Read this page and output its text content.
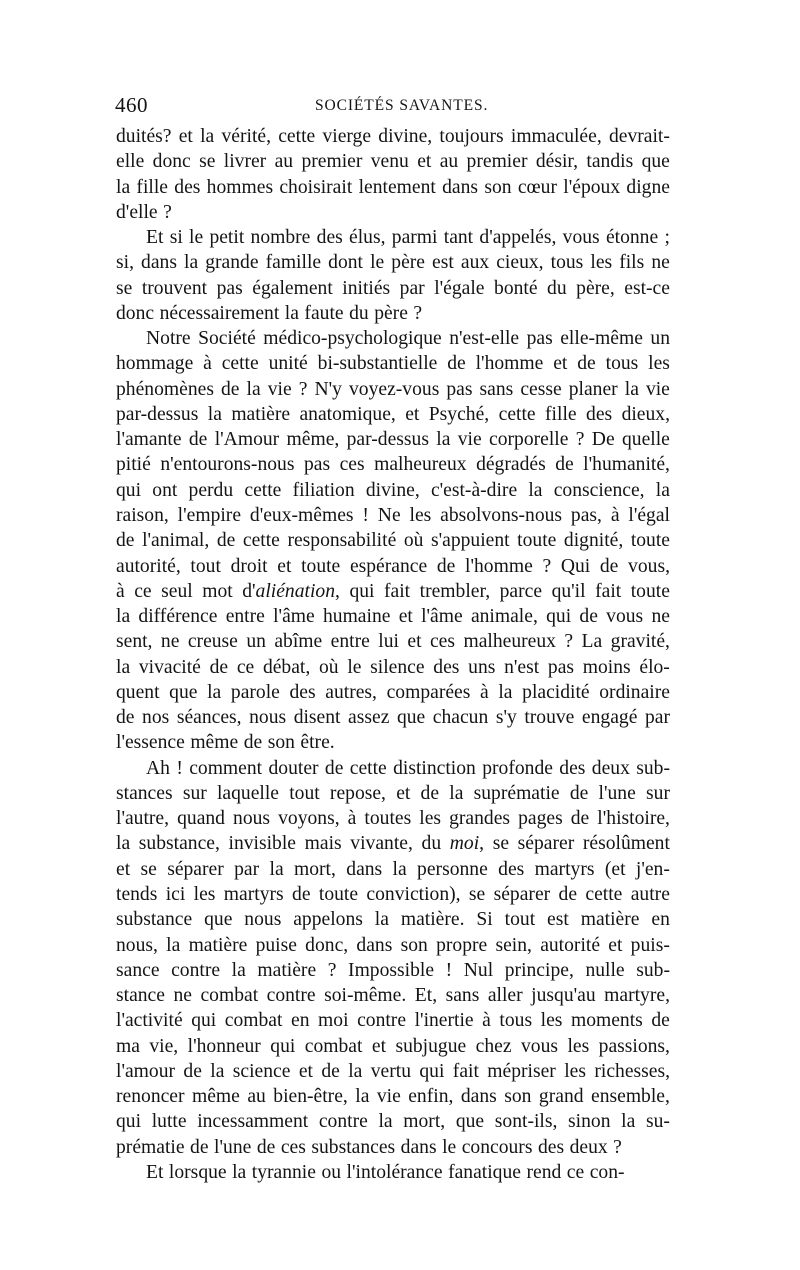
460	SOCIÉTÉS SAVANTES.
duités? et la vérité, cette vierge divine, toujours immaculée, devrait-
elle donc se livrer au premier venu et au premier désir, tandis que
la fille des hommes choisirait lentement dans son cœur l'époux digne
d'elle ?
Et si le petit nombre des élus, parmi tant d'appelés, vous étonne ;
si, dans la grande famille dont le père est aux cieux, tous les fils ne
se trouvent pas également initiés par l'égale bonté du père, est-ce
donc nécessairement la faute du père ?
Notre Société médico-psychologique n'est-elle pas elle-même un
hommage à cette unité bi-substantielle de l'homme et de tous les
phénomènes de la vie ? N'y voyez-vous pas sans cesse planer la vie
par-dessus la matière anatomique, et Psyché, cette fille des dieux,
l'amante de l'Amour même, par-dessus la vie corporelle ? De quelle
pitié n'entourons-nous pas ces malheureux dégradés de l'humanité,
qui ont perdu cette filiation divine, c'est-à-dire la conscience, la
raison, l'empire d'eux-mêmes ! Ne les absolvons-nous pas, à l'égal
de l'animal, de cette responsabilité où s'appuient toute dignité, toute
autorité, tout droit et toute espérance de l'homme ? Qui de vous,
à ce seul mot d'aliénation, qui fait trembler, parce qu'il fait toute
la différence entre l'âme humaine et l'âme animale, qui de vous ne
sent, ne creuse un abîme entre lui et ces malheureux ? La gravité,
la vivacité de ce débat, où le silence des uns n'est pas moins élo-
quent que la parole des autres, comparées à la placidité ordinaire
de nos séances, nous disent assez que chacun s'y trouve engagé par
l'essence même de son être.
Ah ! comment douter de cette distinction profonde des deux sub-
stances sur laquelle tout repose, et de la suprématie de l'une sur
l'autre, quand nous voyons, à toutes les grandes pages de l'histoire,
la substance, invisible mais vivante, du moi, se séparer résolûment
et se séparer par la mort, dans la personne des martyrs (et j'en-
tends ici les martyrs de toute conviction), se séparer de cette autre
substance que nous appelons la matière. Si tout est matière en
nous, la matière puise donc, dans son propre sein, autorité et puis-
sance contre la matière ? Impossible ! Nul principe, nulle sub-
stance ne combat contre soi-même. Et, sans aller jusqu'au martyre,
l'activité qui combat en moi contre l'inertie à tous les moments de
ma vie, l'honneur qui combat et subjugue chez vous les passions,
l'amour de la science et de la vertu qui fait mépriser les richesses,
renoncer même au bien-être, la vie enfin, dans son grand ensemble,
qui lutte incessamment contre la mort, que sont-ils, sinon la su-
prématie de l'une de ces substances dans le concours des deux ?
Et lorsque la tyrannie ou l'intolérance fanatique rend ce con-
